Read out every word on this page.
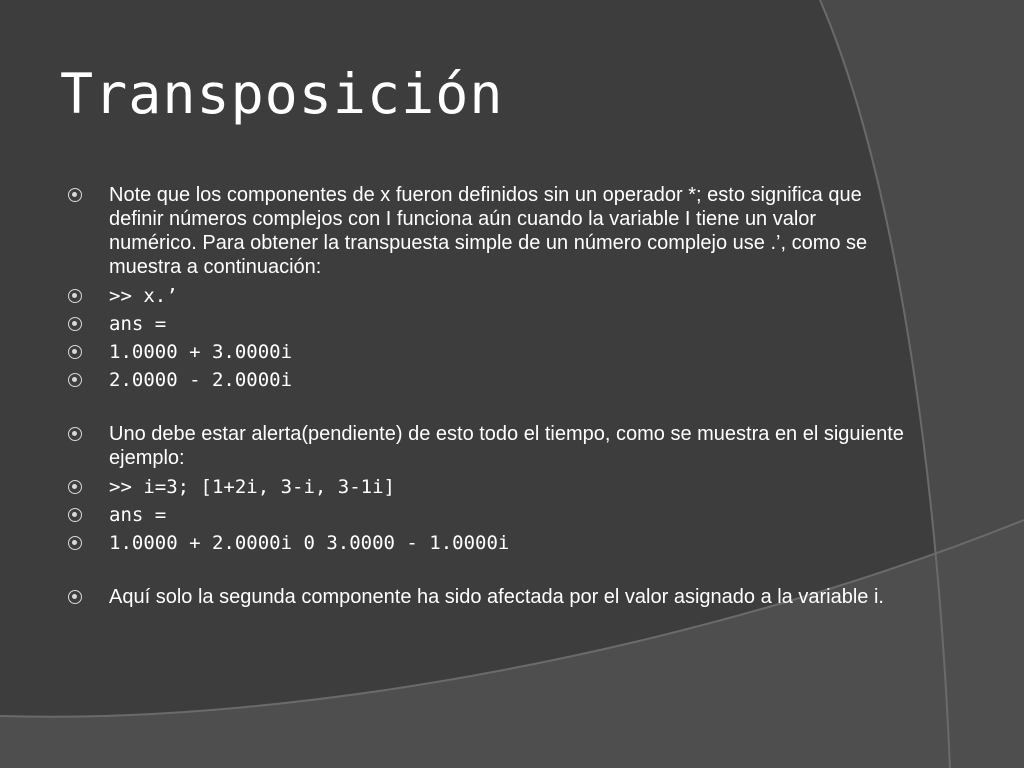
Transposición
Note que los componentes de x fueron definidos sin un operador *; esto significa que definir números complejos con I funciona aún cuando la variable I tiene un valor numérico. Para obtener la transpuesta simple de un número complejo use .’, como se muestra a continuación:
>> x.’
ans =
1.0000 + 3.0000i
2.0000 - 2.0000i
Uno debe estar alerta(pendiente) de esto todo el tiempo, como se muestra en el siguiente ejemplo:
>> i=3; [1+2i, 3-i, 3-1i]
ans =
1.0000 + 2.0000i 0 3.0000 - 1.0000i
Aquí solo la segunda componente ha sido afectada por el valor asignado a la variable i.
